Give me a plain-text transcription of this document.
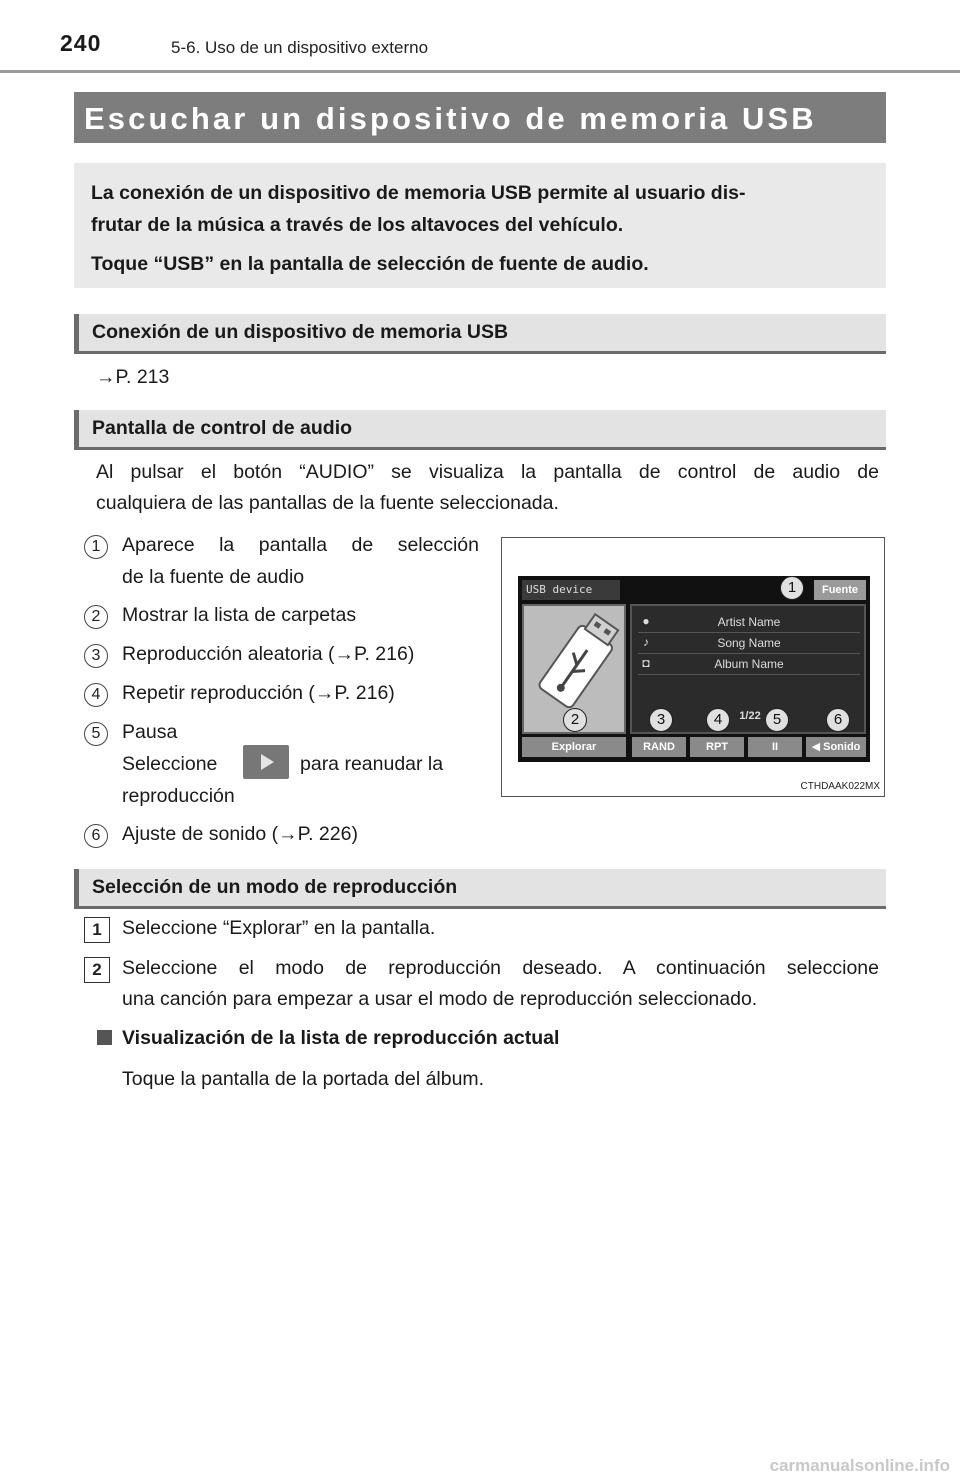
240	5-6. Uso de un dispositivo externo
Escuchar un dispositivo de memoria USB
La conexión de un dispositivo de memoria USB permite al usuario dis-
frutar de la música a través de los altavoces del vehículo.
Toque “USB” en la pantalla de selección de fuente de audio.
Conexión de un dispositivo de memoria USB
→P. 213
Pantalla de control de audio
Al pulsar el botón “AUDIO” se visualiza la pantalla de control de audio de
cualquiera de las pantallas de la fuente seleccionada.
1	Aparece la pantalla de selección
de la fuente de audio
2	Mostrar la lista de carpetas
3	Reproducción aleatoria (→P. 216)
4	Repetir reproducción (→P. 216)
5	Pausa
Seleccione	para reanudar la
reproducción
6	Ajuste de sonido (→P. 226)
USB device	Fuente
●	Artist Name
♪	Song Name
◘	Album Name
1/22
Explorar	RAND	RPT	II	◀ Sonido
1
2	3	4	5	6
CTHDAAK022MX
Selección de un modo de reproducción
1	Seleccione “Explorar” en la pantalla.
2	Seleccione el modo de reproducción deseado. A continuación seleccione
una canción para empezar a usar el modo de reproducción seleccionado.
Visualización de la lista de reproducción actual
Toque la pantalla de la portada del álbum.
carmanualsonline.info
